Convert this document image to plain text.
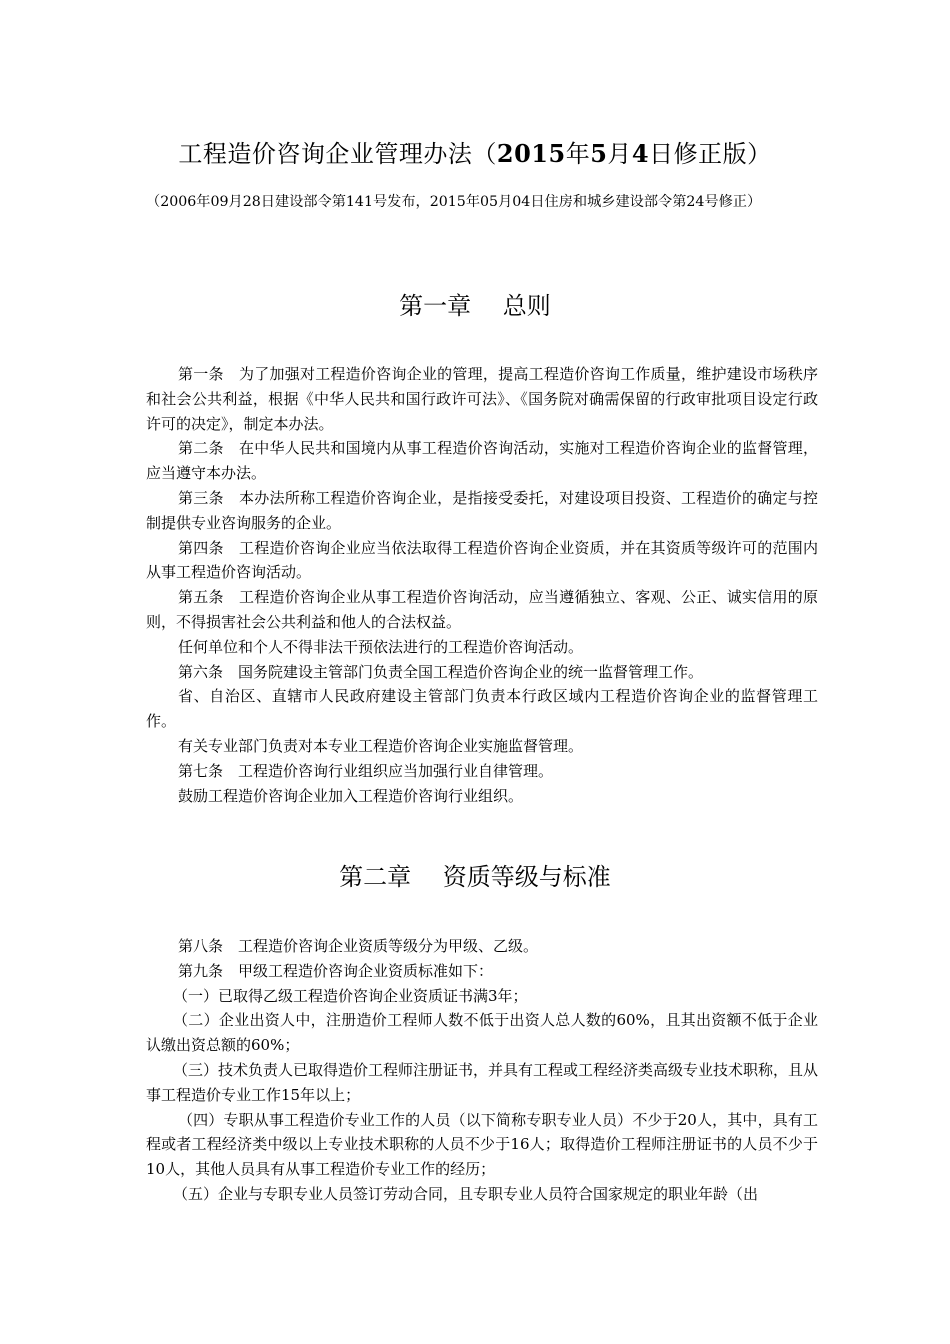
工程造价咨询企业管理办法（2015年5月4日修正版）
（2006年09月28日建设部令第141号发布，2015年05月04日住房和城乡建设部令第24号修正）
第一章　 总则

第一条　为了加强对工程造价咨询企业的管理，提高工程造价咨询工作质量，维护建设市场秩序和社会公共利益，根据《中华人民共和国行政许可法》、《国务院对确需保留的行政审批项目设定行政许可的决定》，制定本办法。

第二条　在中华人民共和国境内从事工程造价咨询活动，实施对工程造价咨询企业的监督管理，应当遵守本办法。

第三条　本办法所称工程造价咨询企业，是指接受委托，对建设项目投资、工程造价的确定与控制提供专业咨询服务的企业。

第四条　工程造价咨询企业应当依法取得工程造价咨询企业资质，并在其资质等级许可的范围内从事工程造价咨询活动。

第五条　工程造价咨询企业从事工程造价咨询活动，应当遵循独立、客观、公正、诚实信用的原则，不得损害社会公共利益和他人的合法权益。

任何单位和个人不得非法干预依法进行的工程造价咨询活动。

第六条　国务院建设主管部门负责全国工程造价咨询企业的统一监督管理工作。

省、自治区、直辖市人民政府建设主管部门负责本行政区域内工程造价咨询企业的监督管理工作。

有关专业部门负责对本专业工程造价咨询企业实施监督管理。

第七条　工程造价咨询行业组织应当加强行业自律管理。

鼓励工程造价咨询企业加入工程造价咨询行业组织。

第二章　 资质等级与标准

第八条　工程造价咨询企业资质等级分为甲级、乙级。

第九条　甲级工程造价咨询企业资质标准如下：

（一）已取得乙级工程造价咨询企业资质证书满3年；

（二）企业出资人中，注册造价工程师人数不低于出资人总人数的60%，且其出资额不低于企业认缴出资总额的60%；

（三）技术负责人已取得造价工程师注册证书，并具有工程或工程经济类高级专业技术职称，且从事工程造价专业工作15年以上；

（四）专职从事工程造价专业工作的人员（以下简称专职专业人员）不少于20人，其中，具有工程或者工程经济类中级以上专业技术职称的人员不少于16人；取得造价工程师注册证书的人员不少于10人，其他人员具有从事工程造价专业工作的经历；

（五）企业与专职专业人员签订劳动合同，且专职专业人员符合国家规定的职业年龄（出
